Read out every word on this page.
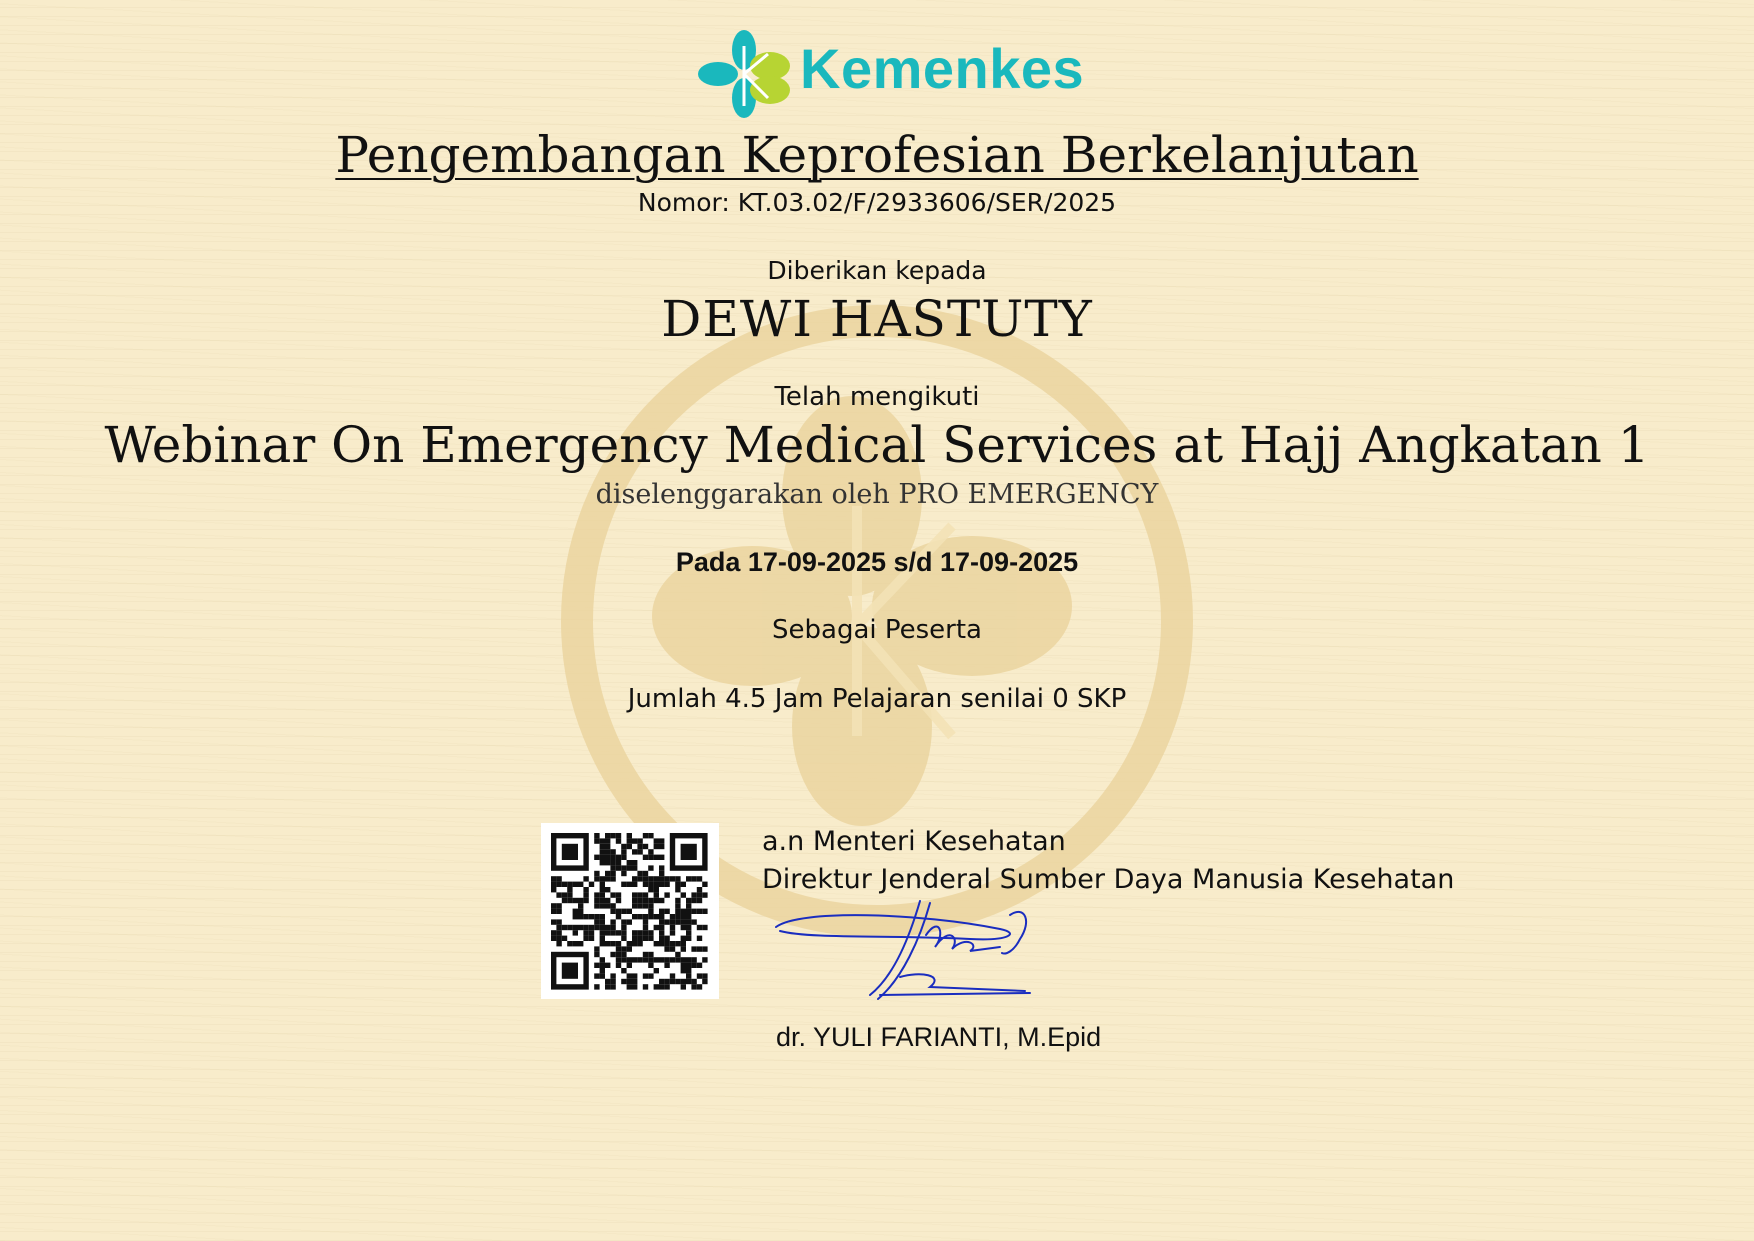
Kemenkes
Pengembangan Keprofesian Berkelanjutan
Nomor: KT.03.02/F/2933606/SER/2025
Diberikan kepada
DEWI HASTUTY
Telah mengikuti
Webinar On Emergency Medical Services at Hajj Angkatan 1
diselenggarakan oleh PRO EMERGENCY
Pada 17-09-2025 s/d 17-09-2025
Sebagai Peserta
Jumlah 4.5 Jam Pelajaran senilai 0 SKP
a.n Menteri Kesehatan
Direktur Jenderal Sumber Daya Manusia Kesehatan
dr. YULI FARIANTI, M.Epid
